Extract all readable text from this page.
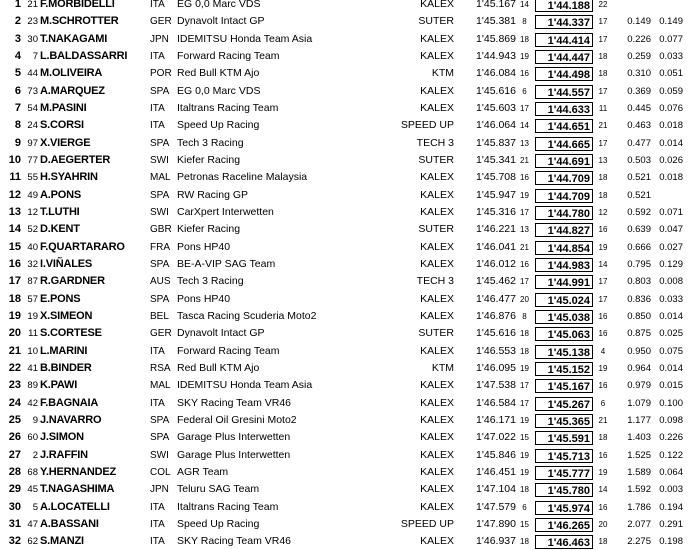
1 21 F.MORBIDELLI	ITA	EG 0,0 Marc VDS	KALEX	1'45.167 14	1'44.188	22
2 23 M.SCHROTTER	GER Dynavolt Intact GP	SUTER	1'45.381 8	1'44.337	17	0.149 0.149
3 30 T.NAKAGAMI	JPN IDEMITSU Honda Team Asia	KALEX	1'45.869 18	1'44.414	17	0.226 0.077
4	7 L.BALDASSARRI	ITA	Forward Racing Team	KALEX	1'44.943 19	1'44.447	18	0.259 0.033
5 44 M.OLIVEIRA	POR Red Bull KTM Ajo	KTM	1'46.084 16	1'44.498	18	0.310 0.051
6 73 A.MARQUEZ	SPA EG 0,0 Marc VDS	KALEX	1'45.616 6	1'44.557	17	0.369 0.059
7 54 M.PASINI	ITA	Italtrans Racing Team	KALEX	1'45.603 17	1'44.633	11	0.445 0.076
8 24 S.CORSI	ITA	Speed Up Racing	SPEED UP	1'46.064 14	1'44.651	21	0.463 0.018
9 97 X.VIERGE	SPA Tech 3 Racing	TECH 3	1'45.837 13	1'44.665	17	0.477 0.014
10 77 D.AEGERTER	SWI Kiefer Racing	SUTER	1'45.341 21	1'44.691	13	0.503 0.026
11 55 H.SYAHRIN	MAL Petronas Raceline Malaysia	KALEX	1'45.708 16	1'44.709	18	0.521 0.018
12 49 A.PONS	SPA RW Racing GP	KALEX	1'45.947 19	1'44.709	18	0.521
13 12 T.LUTHI	SWI CarXpert Interwetten	KALEX	1'45.316 17	1'44.780	12	0.592 0.071
14 52 D.KENT	GBR Kiefer Racing	SUTER	1'46.221 13	1'44.827	16	0.639 0.047
15 40 F.QUARTARARO	FRA Pons HP40	KALEX	1'46.041 21	1'44.854	19	0.666 0.027
16 32 I.VIÑALES	SPA BE-A-VIP SAG Team	KALEX	1'46.012 16	1'44.983	14	0.795 0.129
17 87 R.GARDNER	AUS Tech 3 Racing	TECH 3	1'45.462 17	1'44.991	17	0.803 0.008
18 57 E.PONS	SPA Pons HP40	KALEX	1'46.477 20	1'45.024	17	0.836 0.033
19 19 X.SIMEON	BEL Tasca Racing Scuderia Moto2	KALEX	1'46.876 8	1'45.038	16	0.850 0.014
20 11 S.CORTESE	GER Dynavolt Intact GP	SUTER	1'45.616 18	1'45.063	16	0.875 0.025
21 10 L.MARINI	ITA	Forward Racing Team	KALEX	1'46.553 18	1'45.138	4	0.950 0.075
22 41 B.BINDER	RSA Red Bull KTM Ajo	KTM	1'46.095 19	1'45.152	19	0.964 0.014
23 89 K.PAWI	MAL IDEMITSU Honda Team Asia	KALEX	1'47.538 17	1'45.167	16	0.979 0.015
24 42 F.BAGNAIA	ITA	SKY Racing Team VR46	KALEX	1'46.584 17	1'45.267	6	1.079 0.100
25	9 J.NAVARRO	SPA Federal Oil Gresini Moto2	KALEX	1'46.171 19	1'45.365	21	1.177 0.098
26 60 J.SIMON	SPA Garage Plus Interwetten	KALEX	1'47.022 15	1'45.591	18	1.403 0.226
27	2 J.RAFFIN	SWI Garage Plus Interwetten	KALEX	1'45.846 19	1'45.713	16	1.525 0.122
28 68 Y.HERNANDEZ	COL AGR Team	KALEX	1'46.451 19	1'45.777	19	1.589 0.064
29 45 T.NAGASHIMA	JPN Teluru SAG Team	KALEX	1'47.104 18	1'45.780	14	1.592 0.003
30	5 A.LOCATELLI	ITA	Italtrans Racing Team	KALEX	1'47.579 6	1'45.974	16	1.786 0.194
31 47 A.BASSANI	ITA	Speed Up Racing	SPEED UP	1'47.890 15	1'46.265	20	2.077 0.291
32 62 S.MANZI	ITA	SKY Racing Team VR46	KALEX	1'46.937 18	1'46.463	18	2.275 0.198
